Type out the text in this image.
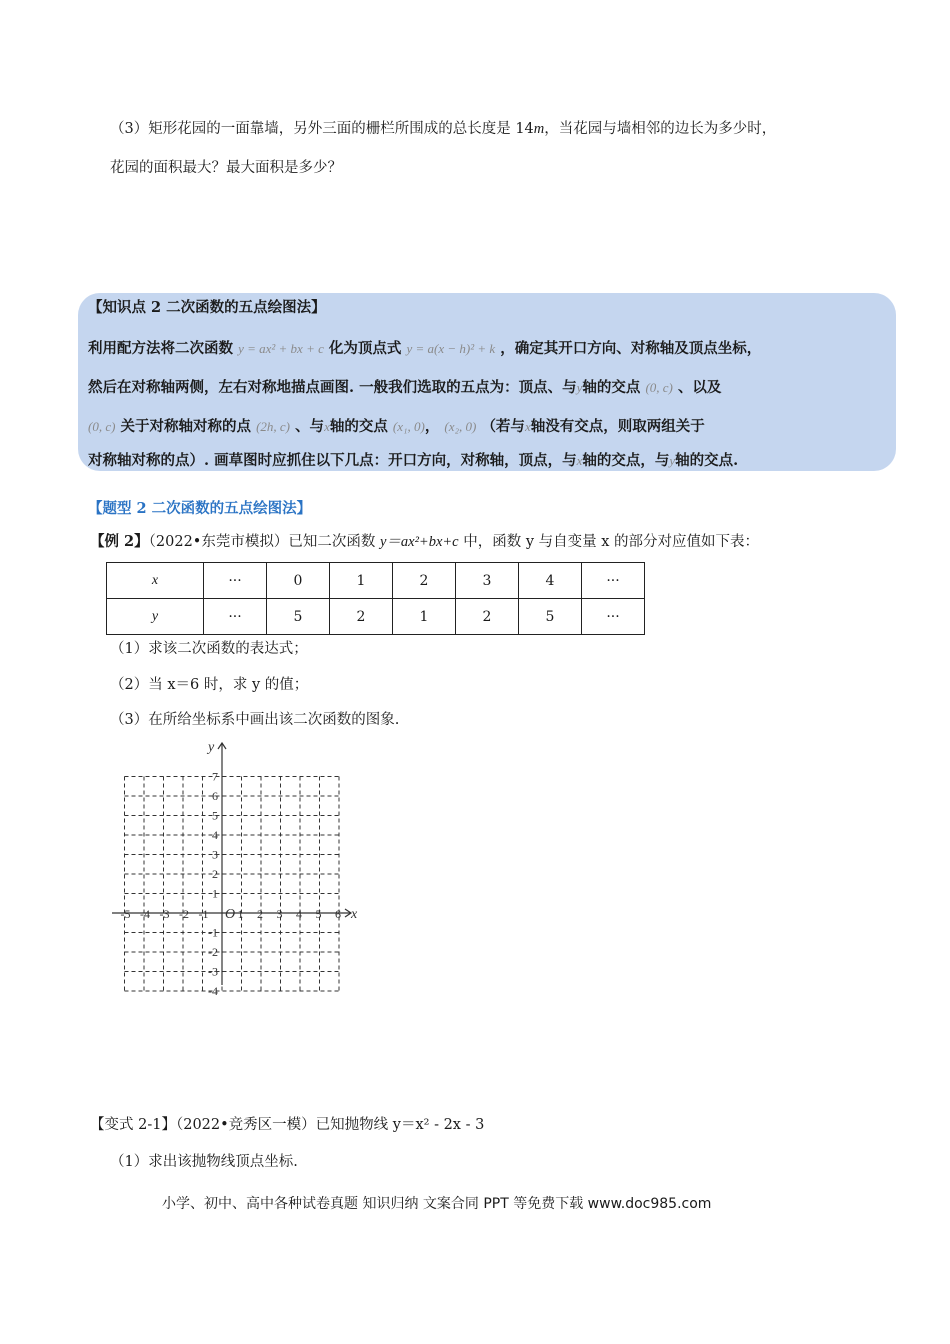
（3）矩形花园的一面靠墙，另外三面的栅栏所围成的总长度是 14m，当花园与墙相邻的边长为多少时，
花园的面积最大？最大面积是多少？
【知识点 2 二次函数的五点绘图法】
利用配方法将二次函数 y = ax² + bx + c 化为顶点式 y = a(x − h)² + k ，确定其开口方向、对称轴及顶点坐标，
然后在对称轴两侧，左右对称地描点画图. 一般我们选取的五点为：顶点、与y轴的交点 (0, c) 、以及
(0, c) 关于对称轴对称的点 (2h, c) 、与x轴的交点 (x₁, 0)， (x₂, 0) （若与x轴没有交点，则取两组关于
对称轴对称的点）. 画草图时应抓住以下几点：开口方向，对称轴，顶点，与x轴的交点，与y轴的交点.
【题型 2 二次函数的五点绘图法】
【例 2】（2022•东莞市模拟）已知二次函数 y＝ax²+bx+c 中，函数 y 与自变量 x 的部分对应值如下表：
x	···	0	1	2	3	4	···
y	···	5	2	1	2	5	···
（1）求该二次函数的表达式；
（2）当 x＝6 时，求 y 的值；
（3）在所给坐标系中画出该二次函数的图象.
-5 -4 -3 -2 -1 1 2 3 4 5 6
7
6
5
4
3
2
1
-1
-2
-3
-4
x
y
O
【变式 2-1】（2022•竞秀区一模）已知抛物线 y＝x² - 2x - 3
（1）求出该抛物线顶点坐标.
小学、初中、高中各种试卷真题 知识归纳 文案合同 PPT 等免费下载 www.doc985.com
